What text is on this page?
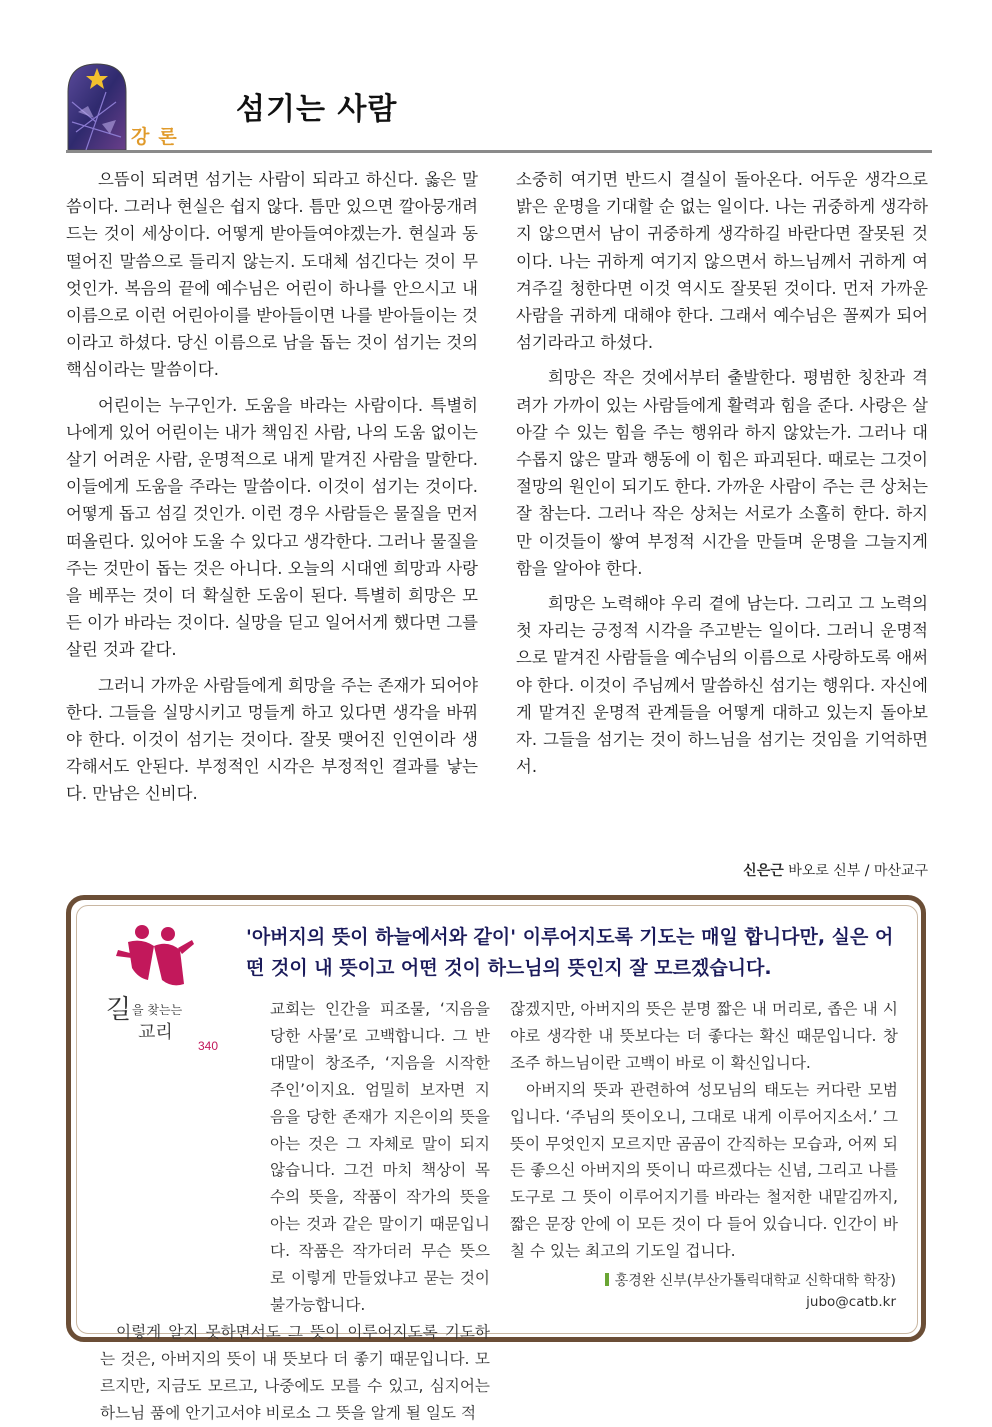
강론
섬기는 사람

으뜸이 되려면 섬기는 사람이 되라고 하신다. 옳은 말씀이다. 그러나 현실은 쉽지 않다. 틈만 있으면 깔아뭉개려 드는 것이 세상이다. 어떻게 받아들여야겠는가. 현실과 동떨어진 말씀으로 들리지 않는지. 도대체 섬긴다는 것이 무엇인가. 복음의 끝에 예수님은 어린이 하나를 안으시고 내 이름으로 이런 어린아이를 받아들이면 나를 받아들이는 것이라고 하셨다. 당신 이름으로 남을 돕는 것이 섬기는 것의 핵심이라는 말씀이다.

어린이는 누구인가. 도움을 바라는 사람이다. 특별히 나에게 있어 어린이는 내가 책임진 사람, 나의 도움 없이는 살기 어려운 사람, 운명적으로 내게 맡겨진 사람을 말한다. 이들에게 도움을 주라는 말씀이다. 이것이 섬기는 것이다. 어떻게 돕고 섬길 것인가. 이런 경우 사람들은 물질을 먼저 떠올린다. 있어야 도울 수 있다고 생각한다. 그러나 물질을 주는 것만이 돕는 것은 아니다. 오늘의 시대엔 희망과 사랑을 베푸는 것이 더 확실한 도움이 된다. 특별히 희망은 모든 이가 바라는 것이다. 실망을 딛고 일어서게 했다면 그를 살린 것과 같다.

그러니 가까운 사람들에게 희망을 주는 존재가 되어야 한다. 그들을 실망시키고 멍들게 하고 있다면 생각을 바꿔야 한다. 이것이 섬기는 것이다. 잘못 맺어진 인연이라 생각해서도 안된다. 부정적인 시각은 부정적인 결과를 낳는다. 만남은 신비다.

소중히 여기면 반드시 결실이 돌아온다. 어두운 생각으로 밝은 운명을 기대할 순 없는 일이다. 나는 귀중하게 생각하지 않으면서 남이 귀중하게 생각하길 바란다면 잘못된 것이다. 나는 귀하게 여기지 않으면서 하느님께서 귀하게 여겨주길 청한다면 이것 역시도 잘못된 것이다. 먼저 가까운 사람을 귀하게 대해야 한다. 그래서 예수님은 꼴찌가 되어 섬기라라고 하셨다.

희망은 작은 것에서부터 출발한다. 평범한 칭찬과 격려가 가까이 있는 사람들에게 활력과 힘을 준다. 사랑은 살아갈 수 있는 힘을 주는 행위라 하지 않았는가. 그러나 대수롭지 않은 말과 행동에 이 힘은 파괴된다. 때로는 그것이 절망의 원인이 되기도 한다. 가까운 사람이 주는 큰 상처는 잘 참는다. 그러나 작은 상처는 서로가 소홀히 한다. 하지만 이것들이 쌓여 부정적 시간을 만들며 운명을 그늘지게 함을 알아야 한다.

희망은 노력해야 우리 곁에 남는다. 그리고 그 노력의 첫 자리는 긍정적 시각을 주고받는 일이다. 그러니 운명적으로 맡겨진 사람들을 예수님의 이름으로 사랑하도록 애써야 한다. 이것이 주님께서 말씀하신 섬기는 행위다. 자신에게 맡겨진 운명적 관계들을 어떻게 대하고 있는지 돌아보자. 그들을 섬기는 것이 하느님을 섬기는 것임을 기억하면서.

신은근 바오로 신부 / 마산교구
길 을 찾는는
교리
340
'아버지의 뜻이 하늘에서와 같이' 이루어지도록 기도는 매일 합니다만, 실은 어떤 것이 내 뜻이고 어떤 것이 하느님의 뜻인지 잘 모르겠습니다.

교회는 인간을 피조물, ‘지음을 당한 사물’로 고백합니다. 그 반대말이 창조주, ‘지음을 시작한 주인’이지요. 엄밀히 보자면 지음을 당한 존재가 지은이의 뜻을 아는 것은 그 자체로 말이 되지 않습니다. 그건 마치 책상이 목수의 뜻을, 작품이 작가의 뜻을 아는 것과 같은 말이기 때문입니다. 작품은 작가더러 무슨 뜻으로 이렇게 만들었냐고 묻는 것이 불가능합니다.

이렇게 알지 못하면서도 그 뜻이 이루어지도록 기도하는 것은, 아버지의 뜻이 내 뜻보다 더 좋기 때문입니다. 모르지만, 지금도 모르고, 나중에도 모를 수 있고, 심지어는 하느님 품에 안기고서야 비로소 그 뜻을 알게 될 일도 적

잖겠지만, 아버지의 뜻은 분명 짧은 내 머리로, 좁은 내 시야로 생각한 내 뜻보다는 더 좋다는 확신 때문입니다. 창조주 하느님이란 고백이 바로 이 확신입니다.

아버지의 뜻과 관련하여 성모님의 태도는 커다란 모범입니다. ‘주님의 뜻이오니, 그대로 내게 이루어지소서.’ 그 뜻이 무엇인지 모르지만 곰곰이 간직하는 모습과, 어찌 되든 좋으신 아버지의 뜻이니 따르겠다는 신념, 그리고 나를 도구로 그 뜻이 이루어지기를 바라는 철저한 내맡김까지, 짧은 문장 안에 이 모든 것이 다 들어 있습니다. 인간이 바칠 수 있는 최고의 기도일 겁니다.

홍경완 신부(부산가톨릭대학교 신학대학 학장)
jubo@catb.kr
